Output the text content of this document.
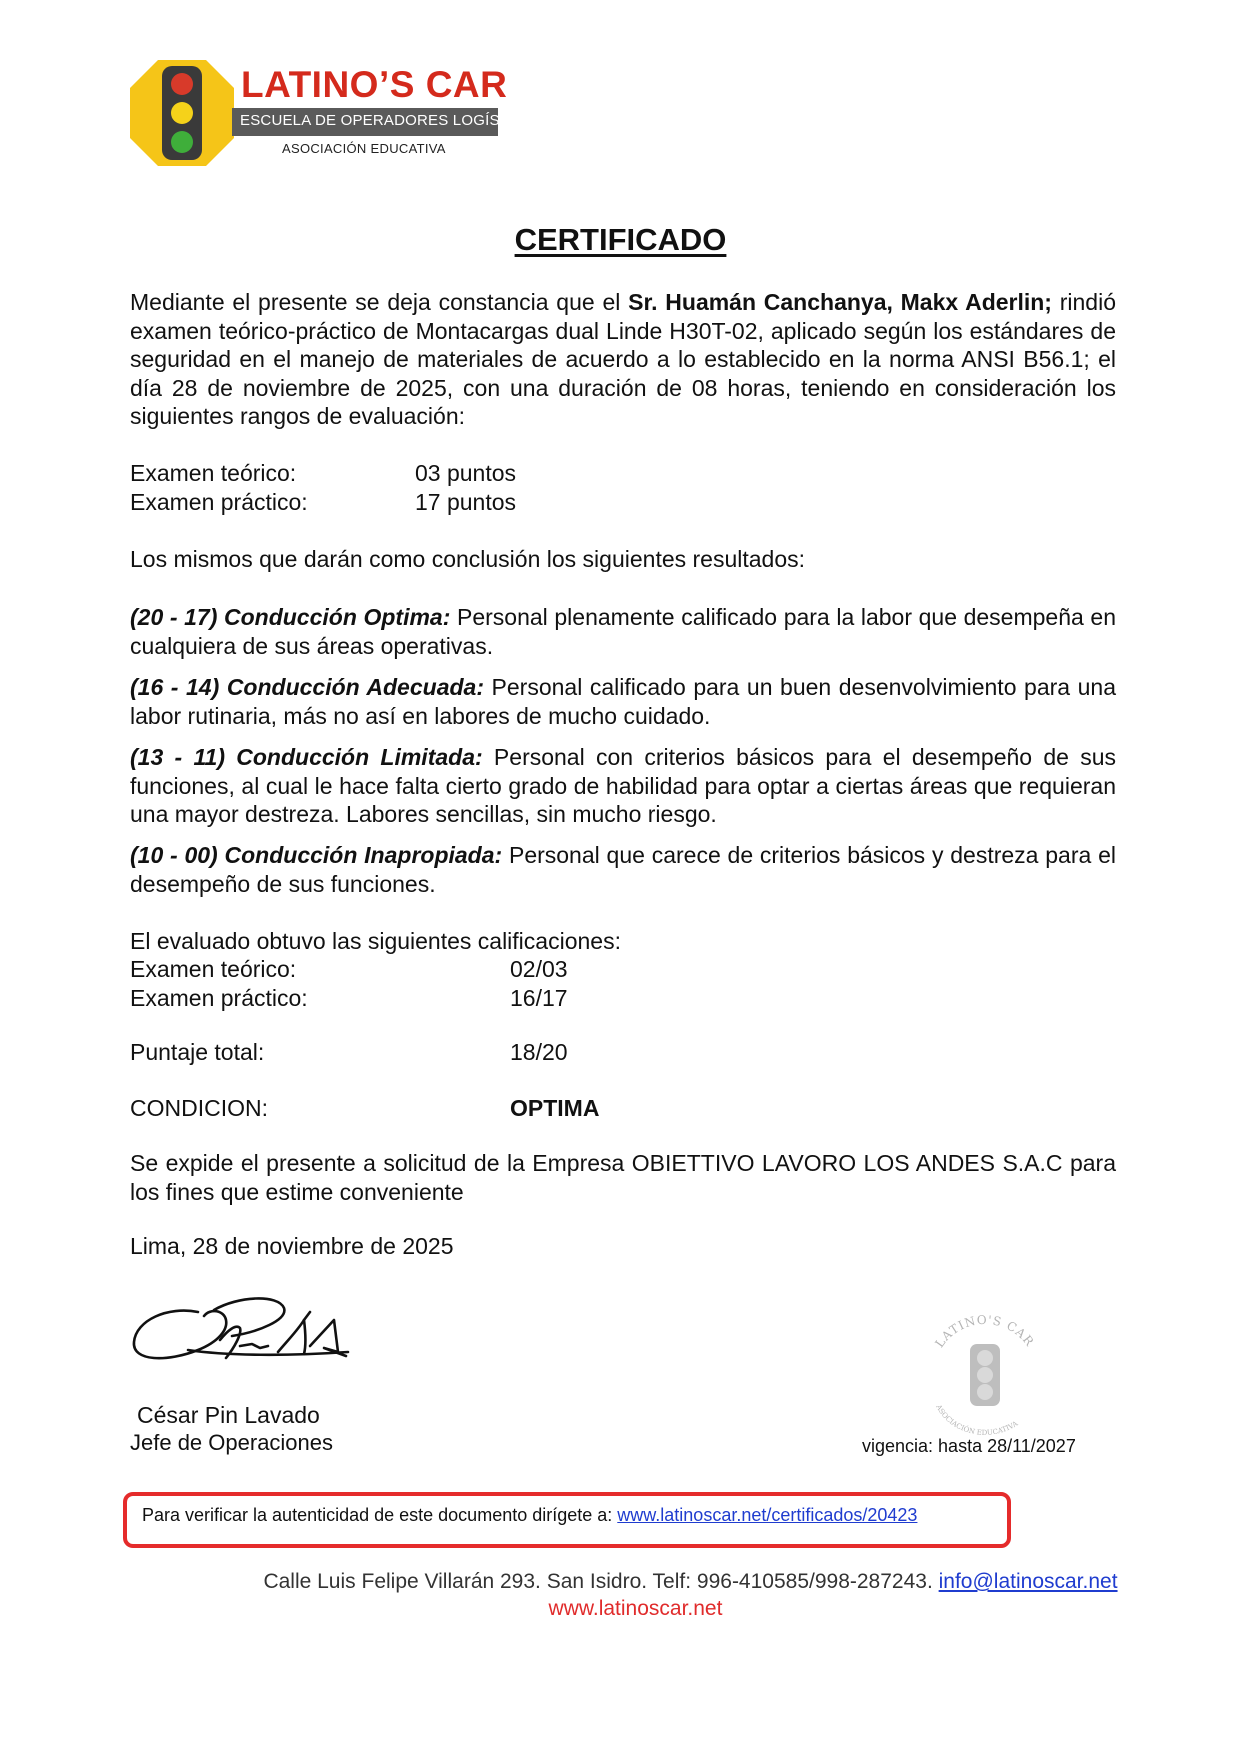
LATINO’S CAR
ESCUELA DE OPERADORES LOGÍSTICOS
ASOCIACIÓN EDUCATIVA
CERTIFICADO
Mediante el presente se deja constancia que el Sr. Huamán Canchanya, Makx Aderlin; rindió examen teórico-práctico de Montacargas dual Linde H30T-02, aplicado según los estándares de seguridad en el manejo de materiales de acuerdo a lo establecido en la norma ANSI B56.1; el día 28 de noviembre de 2025, con una duración de 08 horas, teniendo en consideración los siguientes rangos de evaluación:
Examen teórico:	03 puntos
Examen práctico:	17 puntos
Los mismos que darán como conclusión los siguientes resultados:
(20 - 17) Conducción Optima: Personal plenamente calificado para la labor que desempeña en cualquiera de sus áreas operativas.
(16 - 14) Conducción Adecuada: Personal calificado para un buen desenvolvimiento para una labor rutinaria, más no así en labores de mucho cuidado.
(13 - 11) Conducción Limitada: Personal con criterios básicos para el desempeño de sus funciones, al cual le hace falta cierto grado de habilidad para optar a ciertas áreas que requieran una mayor destreza. Labores sencillas, sin mucho riesgo.
(10 - 00) Conducción Inapropiada: Personal que carece de criterios básicos y destreza para el desempeño de sus funciones.
El evaluado obtuvo las siguientes calificaciones:
Examen teórico:	02/03
Examen práctico:	16/17
Puntaje total:	18/20
CONDICION:	OPTIMA
Se expide el presente a solicitud de la Empresa OBIETTIVO LAVORO LOS ANDES S.A.C para los fines que estime conveniente
Lima, 28 de noviembre de 2025
César Pin Lavado
Jefe de Operaciones
LATINO'S CAR
ASOCIACIÓN EDUCATIVA
vigencia: hasta 28/11/2027
Para verificar la autenticidad de este documento dirígete a: www.latinoscar.net/certificados/20423
Calle Luis Felipe Villarán 293. San Isidro. Telf: 996-410585/998-287243. info@latinoscar.net
www.latinoscar.net
